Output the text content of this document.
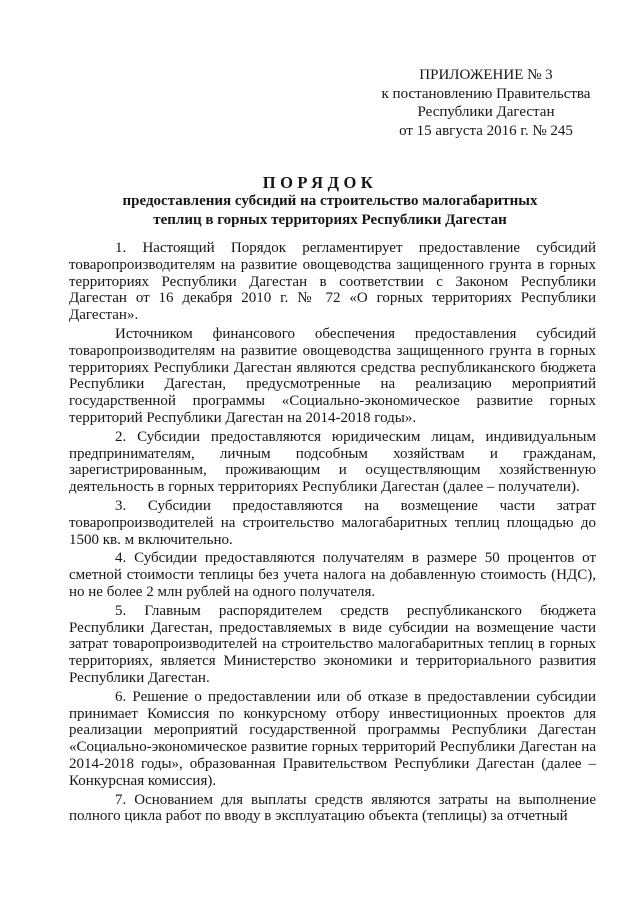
ПРИЛОЖЕНИЕ № 3
к постановлению Правительства
Республики Дагестан
от 15 августа 2016 г. № 245
ПОРЯДОК
предоставления субсидий на строительство малогабаритных
теплиц в горных территориях Республики Дагестан

1. Настоящий Порядок регламентирует предоставление субсидий товаропроизводителям на развитие овощеводства защищенного грунта в горных территориях Республики Дагестан в соответствии с Законом Республики Дагестан от 16 декабря 2010 г. № 72 «О горных территориях Республики Дагестан».

Источником финансового обеспечения предоставления субсидий товаропроизводителям на развитие овощеводства защищенного грунта в горных территориях Республики Дагестан являются средства республиканского бюджета Республики Дагестан, предусмотренные на реализацию мероприятий государственной программы «Социально-экономическое развитие горных территорий Республики Дагестан на 2014-2018 годы».

2. Субсидии предоставляются юридическим лицам, индивидуальным предпринимателям, личным подсобным хозяйствам и гражданам, зарегистрированным, проживающим и осуществляющим хозяйственную деятельность в горных территориях Республики Дагестан (далее – получатели).

3. Субсидии предоставляются на возмещение части затрат товаропроизводителей на строительство малогабаритных теплиц площадью до 1500 кв. м включительно.

4. Субсидии предоставляются получателям в размере 50 процентов от сметной стоимости теплицы без учета налога на добавленную стоимость (НДС), но не более 2 млн рублей на одного получателя.

5. Главным распорядителем средств республиканского бюджета Республики Дагестан, предоставляемых в виде субсидии на возмещение части затрат товаропроизводителей на строительство малогабаритных теплиц в горных территориях, является Министерство экономики и территориального развития Республики Дагестан.

6. Решение о предоставлении или об отказе в предоставлении субсидии принимает Комиссия по конкурсному отбору инвестиционных проектов для реализации мероприятий государственной программы Республики Дагестан «Социально-экономическое развитие горных территорий Республики Дагестан на 2014-2018 годы», образованная Правительством Республики Дагестан (далее – Конкурсная комиссия).

7. Основанием для выплаты средств являются затраты на выполнение полного цикла работ по вводу в эксплуатацию объекта (теплицы) за отчетный
